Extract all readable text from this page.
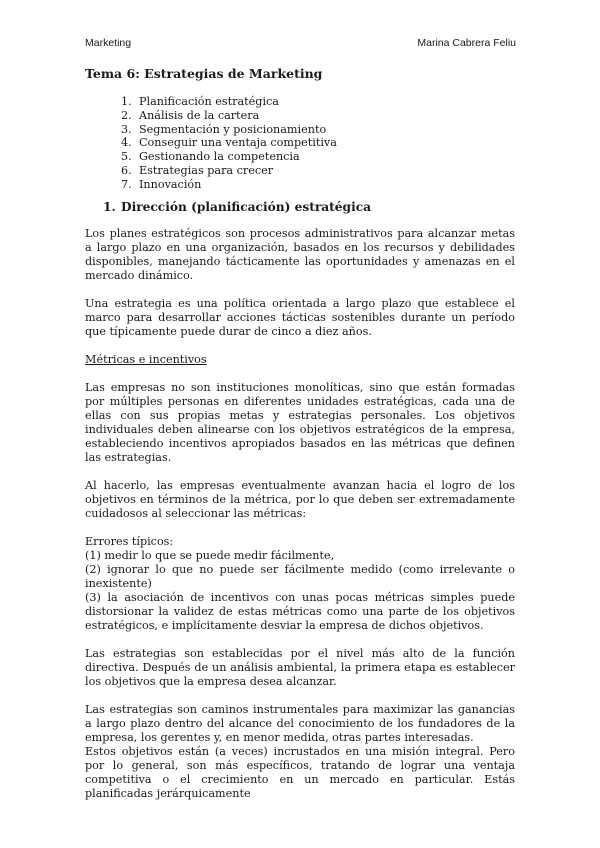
Marketing	Marina Cabrera Feliu
Tema 6: Estrategias de Marketing
1. Planificación estratégica
2. Análisis de la cartera
3. Segmentación y posicionamiento
4. Conseguir una ventaja competitiva
5. Gestionando la competencia
6. Estrategias para crecer
7. Innovación
1. Dirección (planificación) estratégica

Los planes estratégicos son procesos administrativos para alcanzar metas a largo plazo en una organización, basados en los recursos y debilidades disponibles, manejando tácticamente las oportunidades y amenazas en el mercado dinámico.

Una estrategia es una política orientada a largo plazo que establece el marco para desarrollar acciones tácticas sostenibles durante un período que típicamente puede durar de cinco a diez años.

Métricas e incentivos

Las empresas no son instituciones monolíticas, sino que están formadas por múltiples personas en diferentes unidades estratégicas, cada una de ellas con sus propias metas y estrategias personales. Los objetivos individuales deben alinearse con los objetivos estratégicos de la empresa, estableciendo incentivos apropiados basados en las métricas que definen las estrategias.

Al hacerlo, las empresas eventualmente avanzan hacia el logro de los objetivos en términos de la métrica, por lo que deben ser extremadamente cuidadosos al seleccionar las métricas:

Errores típicos:
(1) medir lo que se puede medir fácilmente,
(2) ignorar lo que no puede ser fácilmente medido (como irrelevante o inexistente)

(3) la asociación de incentivos con unas pocas métricas simples puede distorsionar la validez de estas métricas como una parte de los objetivos estratégicos, e implícitamente desviar la empresa de dichos objetivos.

Las estrategias son establecidas por el nivel más alto de la función directiva. Después de un análisis ambiental, la primera etapa es establecer los objetivos que la empresa desea alcanzar.

Las estrategias son caminos instrumentales para maximizar las ganancias a largo plazo dentro del alcance del conocimiento de los fundadores de la empresa, los gerentes y, en menor medida, otras partes interesadas.
Estos objetivos están (a veces) incrustados en una misión integral. Pero por lo general, son más específicos, tratando de lograr una ventaja competitiva o el crecimiento en un mercado en particular. Estás planificadas jerárquicamente
